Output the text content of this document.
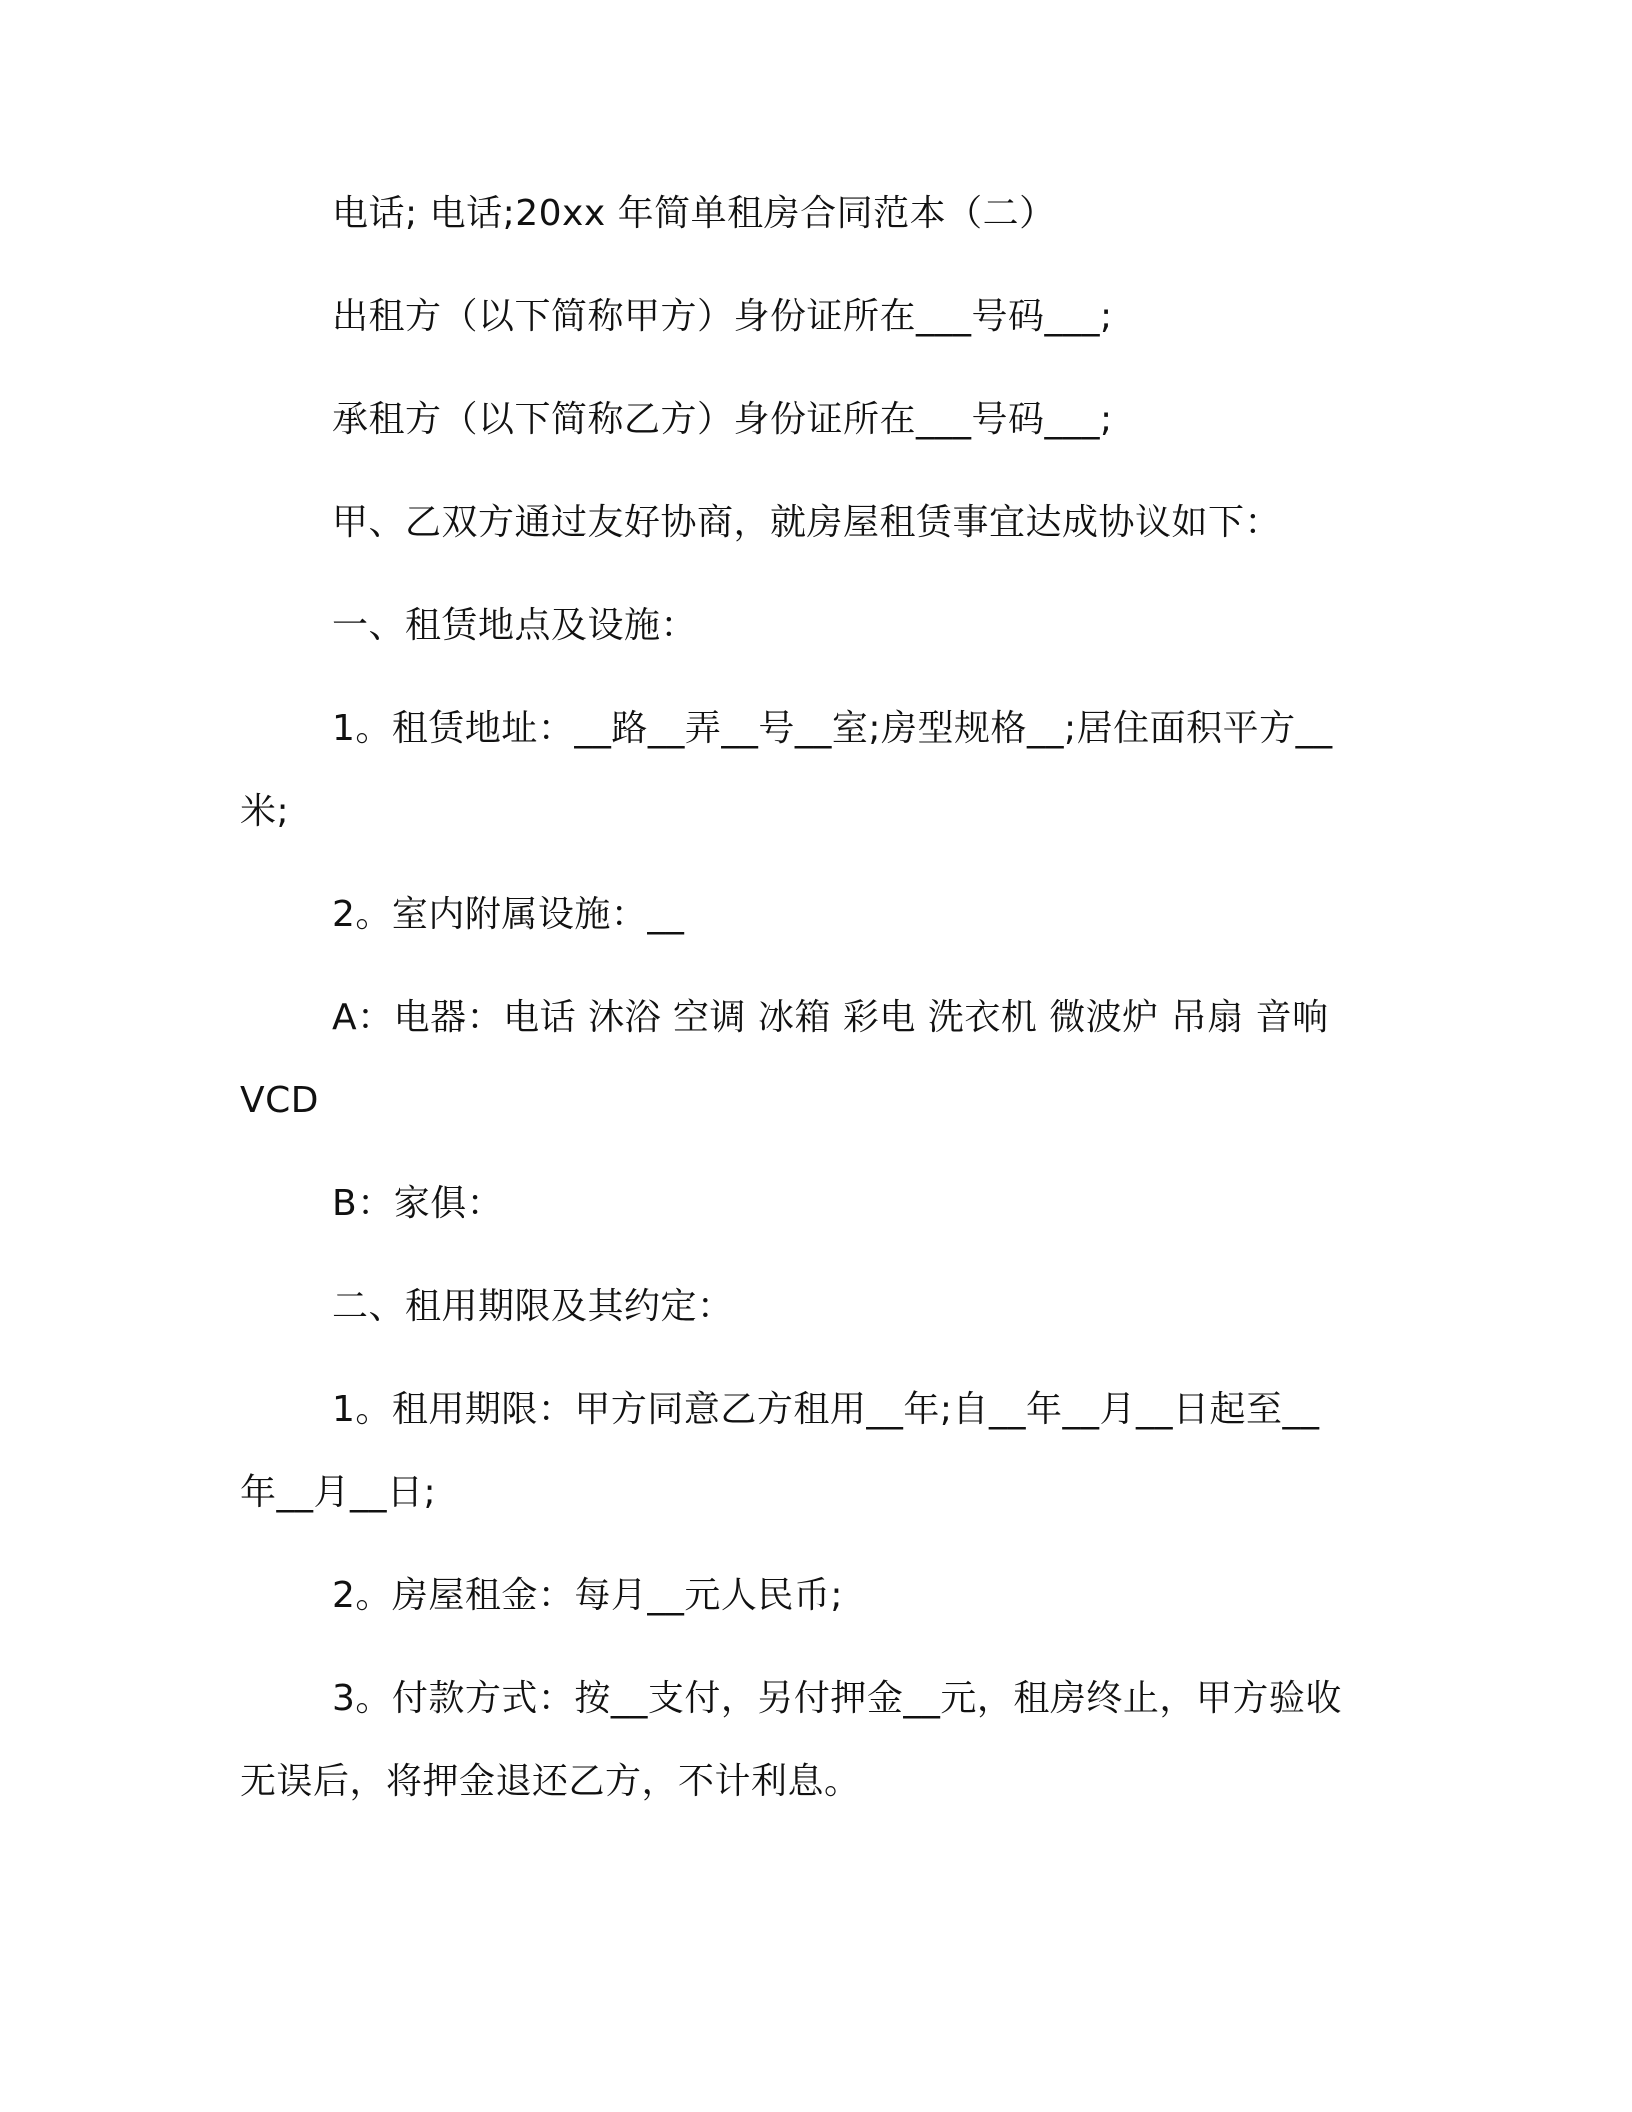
电话; 电话;20xx 年简单租房合同范本（二）

出租方（以下简称甲方）身份证所在___号码___;

承租方（以下简称乙方）身份证所在___号码___;

甲、乙双方通过友好协商，就房屋租赁事宜达成协议如下：

一、租赁地点及设施：

1。租赁地址：__路__弄__号__室;房型规格__;居住面积平方__

米;

2。室内附属设施：__

A：电器：电话 沐浴 空调 冰箱 彩电 洗衣机 微波炉 吊扇 音响

VCD

B：家俱：

二、租用期限及其约定：

1。租用期限：甲方同意乙方租用__年;自__年__月__日起至__

年__月__日;

2。房屋租金：每月__元人民币;

3。付款方式：按__支付，另付押金__元，租房终止，甲方验收

无误后，将押金退还乙方，不计利息。
